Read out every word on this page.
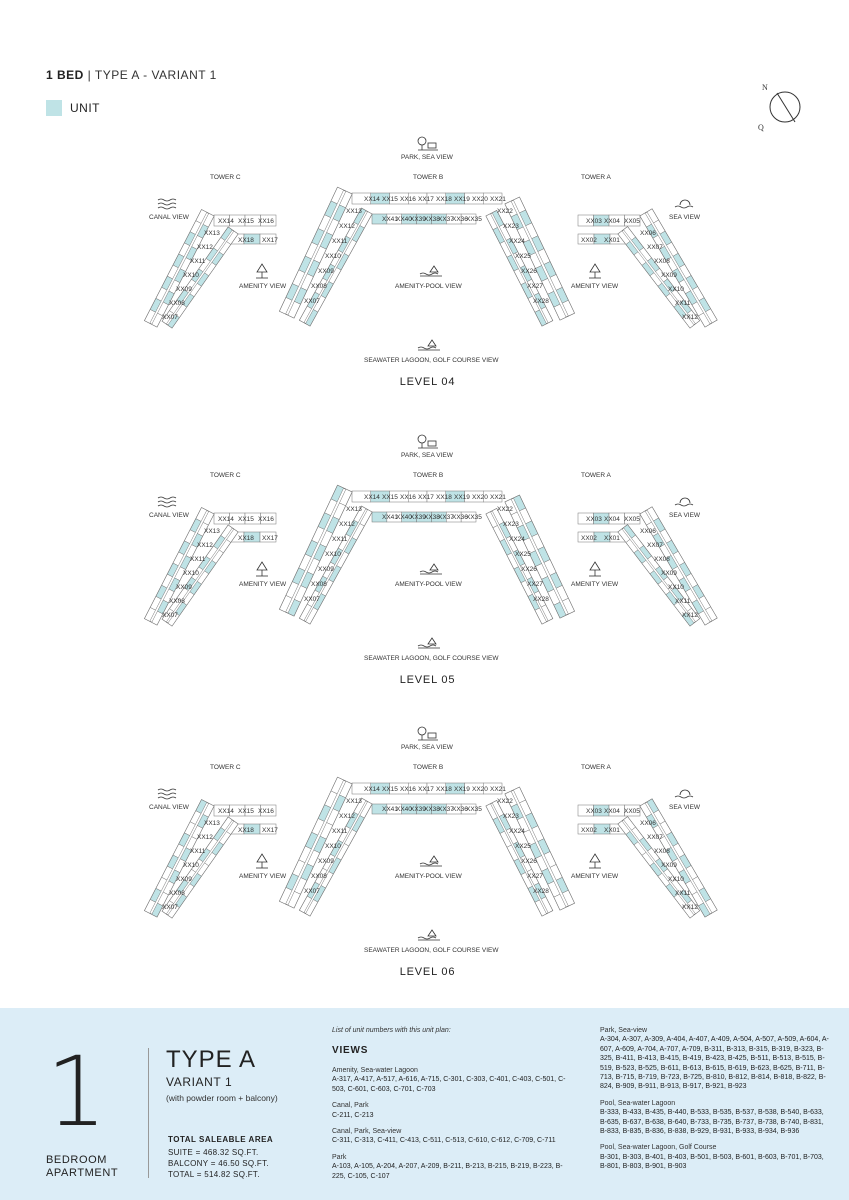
1 BED | TYPE A - VARIANT 1
UNIT
N
Q
XX14 XX15 XX16
XX18 XX17
XX13
XX12
XX11
XX10
XX09
XX08
XX07
XX14 XX15 XX16 XX17 XX18 XX19 XX20 XX21
XX41
XX40
XX39
XX38
XX37
XX36
XX35
XX13
XX12
XX11
XX10
XX09
XX08
XX07
XX22
XX23
XX24
XX25
XX26
XX27
XX28
XX03 XX04 XX05
XX02 XX01
XX06
XX07
XX08
XX09
XX10
XX11
XX12
TOWER C	TOWER B	TOWER A
PARK, SEA VIEW
CANAL VIEW	SEA VIEW
AMENITY VIEW	AMENITY VIEW
AMENITY-POOL VIEW
SEAWATER LAGOON, GOLF COURSE VIEW
LEVEL 04
XX14 XX15 XX16
XX18 XX17
XX13
XX12
XX11
XX10
XX09
XX08
XX07
XX14 XX15 XX16 XX17 XX18 XX19 XX20 XX21
XX41
XX40
XX39
XX38
XX37
XX36
XX35
XX13
XX12
XX11
XX10
XX09
XX08
XX07
XX22
XX23
XX24
XX25
XX26
XX27
XX28
XX03 XX04 XX05
XX02 XX01
XX06
XX07
XX08
XX09
XX10
XX11
XX12
TOWER C	TOWER B	TOWER A
PARK, SEA VIEW
CANAL VIEW	SEA VIEW
AMENITY VIEW	AMENITY VIEW
AMENITY-POOL VIEW
SEAWATER LAGOON, GOLF COURSE VIEW
LEVEL 05
XX14 XX15 XX16
XX18 XX17
XX13
XX12
XX11
XX10
XX09
XX08
XX07
XX14 XX15 XX16 XX17 XX18 XX19 XX20 XX21
XX41
XX40
XX39
XX38
XX37
XX36
XX35
XX13
XX12
XX11
XX10
XX09
XX08
XX07
XX22
XX23
XX24
XX25
XX26
XX27
XX28
XX03 XX04 XX05
XX02 XX01
XX06
XX07
XX08
XX09
XX10
XX11
XX12
TOWER C	TOWER B	TOWER A
PARK, SEA VIEW
CANAL VIEW	SEA VIEW
AMENITY VIEW	AMENITY VIEW
AMENITY-POOL VIEW
SEAWATER LAGOON, GOLF COURSE VIEW
LEVEL 06
1
BEDROOM
APARTMENT
TYPE A
VARIANT 1
(with powder room + balcony)
TOTAL SALEABLE AREA
SUITE = 468.32 SQ.FT.
BALCONY = 46.50 SQ.FT.
TOTAL = 514.82 SQ.FT.
List of unit numbers with this unit plan:
VIEWS
Amenity, Sea-water Lagoon
A-317, A-417, A-517, A-616, A-715, C-301, C-303, C-401, C-403, C-501, C-503, C-601, C-603, C-701, C-703
Canal, Park
C-211, C-213
Canal, Park, Sea-view
C-311, C-313, C-411, C-413, C-511, C-513, C-610, C-612, C-709, C-711
Park
A-103, A-105, A-204, A-207, A-209, B-211, B-213, B-215, B-219, B-223, B-225, C-105, C-107
Park, Sea-view
A-304, A-307, A-309, A-404, A-407, A-409, A-504, A-507, A-509, A-604, A-607, A-609, A-704, A-707, A-709, B-311, B-313, B-315, B-319, B-323, B-325, B-411, B-413, B-415, B-419, B-423, B-425, B-511, B-513, B-515, B-519, B-523, B-525, B-611, B-613, B-615, B-619, B-623, B-625, B-711, B-713, B-715, B-719, B-723, B-725, B-810, B-812, B-814, B-818, B-822, B-824, B-909, B-911, B-913, B-917, B-921, B-923
Pool, Sea-water Lagoon
B-333, B-433, B-435, B-440, B-533, B-535, B-537, B-538, B-540, B-633, B-635, B-637, B-638, B-640, B-733, B-735, B-737, B-738, B-740, B-831, B-833, B-835, B-836, B-838, B-929, B-931, B-933, B-934, B-936
Pool, Sea-water Lagoon, Golf Course
B-301, B-303, B-401, B-403, B-501, B-503, B-601, B-603, B-701, B-703, B-801, B-803, B-901, B-903
